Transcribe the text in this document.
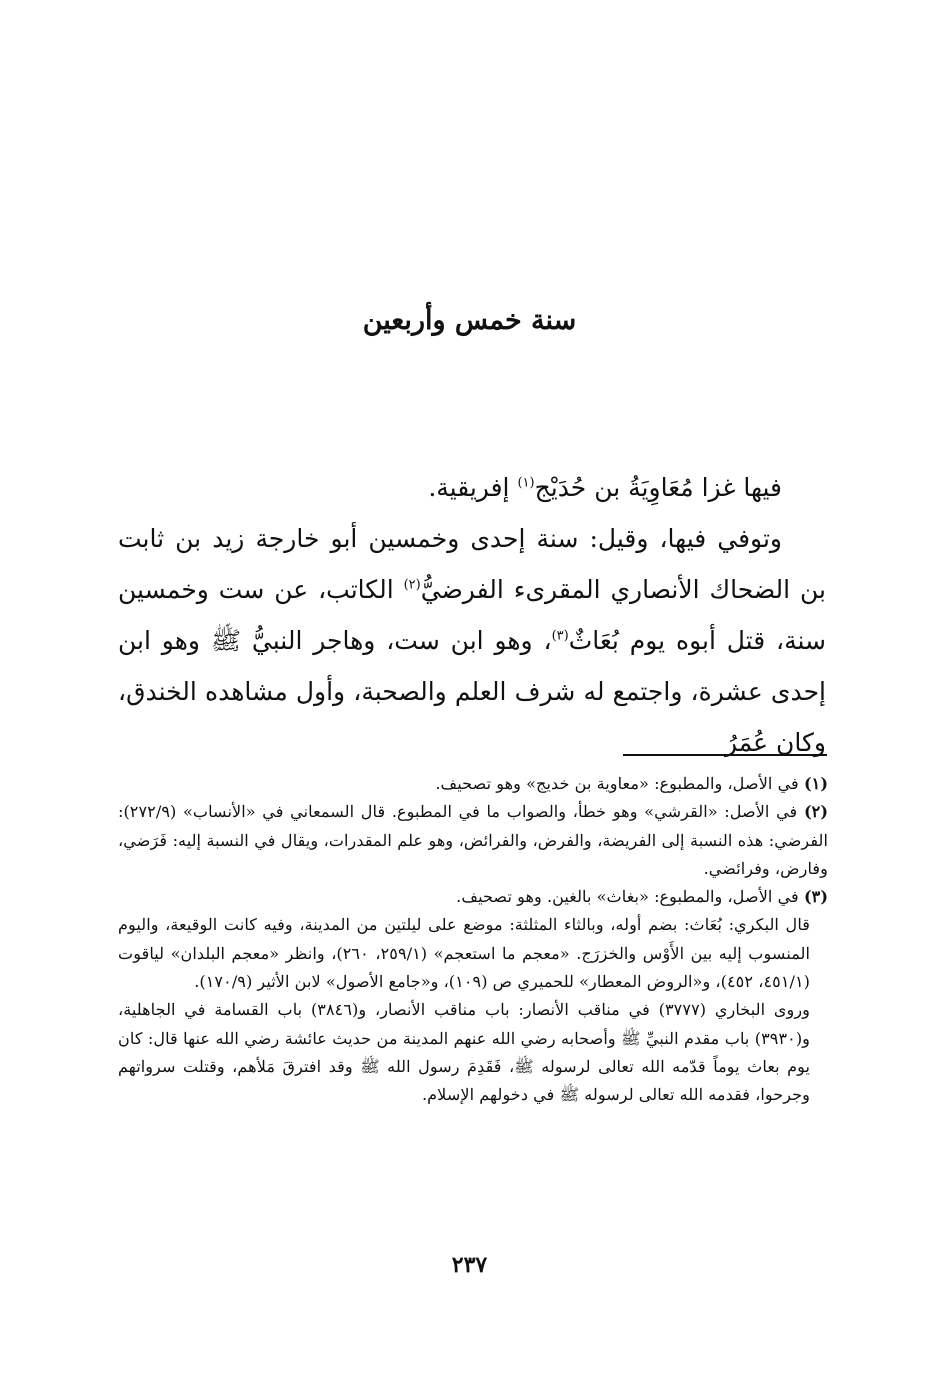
سنة خمس وأربعين

فيها غزا مُعَاوِيَةُ بن حُدَيْج$^{(١)}$ إفريقية.

وتوفي فيها، وقيل: سنة إحدى وخمسين أبو خارجة زيد بن ثابت بن الضحاك الأنصاري المقرىء الفرضيُّ$^{(٢)}$ الكاتب، عن ست وخمسين سنة، قتل أبوه يوم بُعَاثٌ$^{(٣)}$، وهو ابن ست، وهاجر النبيُّ ﷺ وهو ابن إحدى عشرة، واجتمع له شرف العلم والصحبة، وأول مشاهده الخندق، وكان عُمَرُ

(١) في الأصل، والمطبوع: «معاوية بن خديج» وهو تصحيف.

(٢) في الأصل: «القرشي» وهو خطأ، والصواب ما في المطبوع. قال السمعاني في «الأنساب» (٢٧٢/٩): الفرضي: هذه النسبة إلى الفريضة، والفرض، والفرائض، وهو علم المقدرات، ويقال في النسبة إليه: فَرَضي، وفارض، وفرائضي.

(٣) في الأصل، والمطبوع: «بغاث» بالغين. وهو تصحيف.

قال البكري: بُعَاث: بضم أوله، وبالثاء المثلثة: موضع على ليلتين من المدينة، وفيه كانت الوقيعة، واليوم المنسوب إليه بين الأَوْس والخزرَج. «معجم ما استعجم» (٢٥٩/١، ٢٦٠)، وانظر «معجم البلدان» لياقوت (٤٥١/١، ٤٥٢)، و«الروض المعطار» للحميري ص (١٠٩)، و«جامع الأصول» لابن الأثير (١٧٠/٩).

وروى البخاري (٣٧٧٧) في مناقب الأنصار: باب مناقب الأنصار، و(٣٨٤٦) باب القسامة في الجاهلية، و(٣٩٣٠) باب مقدم النبيِّ ﷺ وأصحابه رضي الله عنهم المدينة من حديث عائشة رضي الله عنها قال: كان يوم بعاث يوماً قدّمه الله تعالى لرسوله ﷺ، فَقَدِمَ رسول الله ﷺ وقد افترقَ مَلأهم، وقتلت سرواتهم وجرحوا، فقدمه الله تعالى لرسوله ﷺ في دخولهم الإسلام.

٢٣٧
